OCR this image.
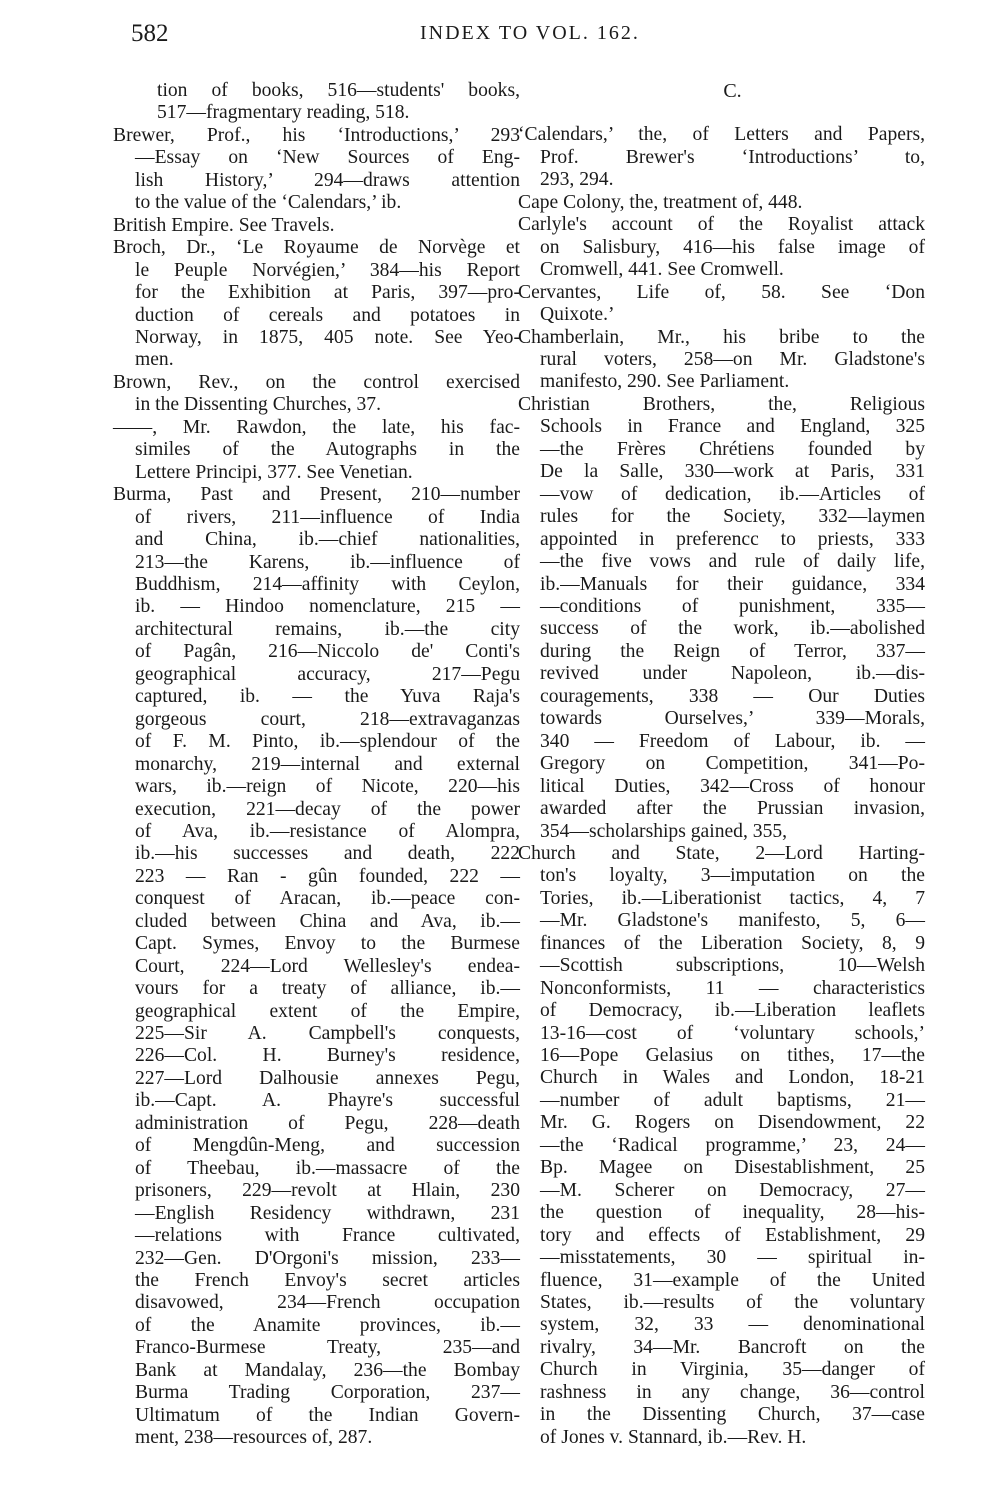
582	INDEX TO VOL. 162.
tion of books, 516—students' books,
517—fragmentary reading, 518.
Brewer, Prof., his ‘Introductions,’ 293
—Essay on ‘New Sources of Eng-
lish History,’ 294—draws attention
to the value of the ‘Calendars,’ ib.
British Empire. See Travels.
Broch, Dr., ‘Le Royaume de Norvège et
le Peuple Norvégien,’ 384—his Report
for the Exhibition at Paris, 397—pro-
duction of cereals and potatoes in
Norway, in 1875, 405 note. See Yeo-
men.
Brown, Rev., on the control exercised
in the Dissenting Churches, 37.
——, Mr. Rawdon, the late, his fac-
similes of the Autographs in the
Lettere Principi, 377. See Venetian.
Burma, Past and Present, 210—number
of rivers, 211—influence of India
and China, ib.—chief nationalities,
213—the Karens, ib.—influence of
Buddhism, 214—affinity with Ceylon,
ib. — Hindoo nomenclature, 215 —
architectural remains, ib.—the city
of Pagân, 216—Niccolo de' Conti's
geographical accuracy, 217—Pegu
captured, ib. — the Yuva Raja's
gorgeous court, 218—extravaganzas
of F. M. Pinto, ib.—splendour of the
monarchy, 219—internal and external
wars, ib.—reign of Nicote, 220—his
execution, 221—decay of the power
of Ava, ib.—resistance of Alompra,
ib.—his successes and death, 222
223 — Ran - gûn founded, 222 —
conquest of Aracan, ib.—peace con-
cluded between China and Ava, ib.—
Capt. Symes, Envoy to the Burmese
Court, 224—Lord Wellesley's endea-
vours for a treaty of alliance, ib.—
geographical extent of the Empire,
225—Sir A. Campbell's conquests,
226—Col. H. Burney's residence,
227—Lord Dalhousie annexes Pegu,
ib.—Capt. A. Phayre's successful
administration of Pegu, 228—death
of Mengdûn-Meng, and succession
of Theebau, ib.—massacre of the
prisoners, 229—revolt at Hlain, 230
—English Residency withdrawn, 231
—relations with France cultivated,
232—Gen. D'Orgoni's mission, 233—
the French Envoy's secret articles
disavowed, 234—French occupation
of the Anamite provinces, ib.—
Franco-Burmese Treaty, 235—and
Bank at Mandalay, 236—the Bombay
Burma Trading Corporation, 237—
Ultimatum of the Indian Govern-
ment, 238—resources of, 287.
C.
‘Calendars,’ the, of Letters and Papers,
Prof. Brewer's ‘Introductions’ to,
293, 294.
Cape Colony, the, treatment of, 448.
Carlyle's account of the Royalist attack
on Salisbury, 416—his false image of
Cromwell, 441. See Cromwell.
Cervantes, Life of, 58. See ‘Don
Quixote.’
Chamberlain, Mr., his bribe to the
rural voters, 258—on Mr. Gladstone's
manifesto, 290. See Parliament.
Christian Brothers, the, Religious
Schools in France and England, 325
—the Frères Chrétiens founded by
De la Salle, 330—work at Paris, 331
—vow of dedication, ib.—Articles of
rules for the Society, 332—laymen
appointed in preferencc to priests, 333
—the five vows and rule of daily life,
ib.—Manuals for their guidance, 334
—conditions of punishment, 335—
success of the work, ib.—abolished
during the Reign of Terror, 337—
revived under Napoleon, ib.—dis-
couragements, 338 — Our Duties
towards Ourselves,’ 339—Morals,
340 — Freedom of Labour, ib. —
Gregory on Competition, 341—Po-
litical Duties, 342—Cross of honour
awarded after the Prussian invasion,
354—scholarships gained, 355,
Church and State, 2—Lord Harting-
ton's loyalty, 3—imputation on the
Tories, ib.—Liberationist tactics, 4, 7
—Mr. Gladstone's manifesto, 5, 6—
finances of the Liberation Society, 8, 9
—Scottish subscriptions, 10—Welsh
Nonconformists, 11 — characteristics
of Democracy, ib.—Liberation leaflets
13-16—cost of ‘voluntary schools,’
16—Pope Gelasius on tithes, 17—the
Church in Wales and London, 18-21
—number of adult baptisms, 21—
Mr. G. Rogers on Disendowment, 22
—the ‘Radical programme,’ 23, 24—
Bp. Magee on Disestablishment, 25
—M. Scherer on Democracy, 27—
the question of inequality, 28—his-
tory and effects of Establishment, 29
—misstatements, 30 — spiritual in-
fluence, 31—example of the United
States, ib.—results of the voluntary
system, 32, 33 — denominational
rivalry, 34—Mr. Bancroft on the
Church in Virginia, 35—danger of
rashness in any change, 36—control
in the Dissenting Church, 37—case
of Jones v. Stannard, ib.—Rev. H.
